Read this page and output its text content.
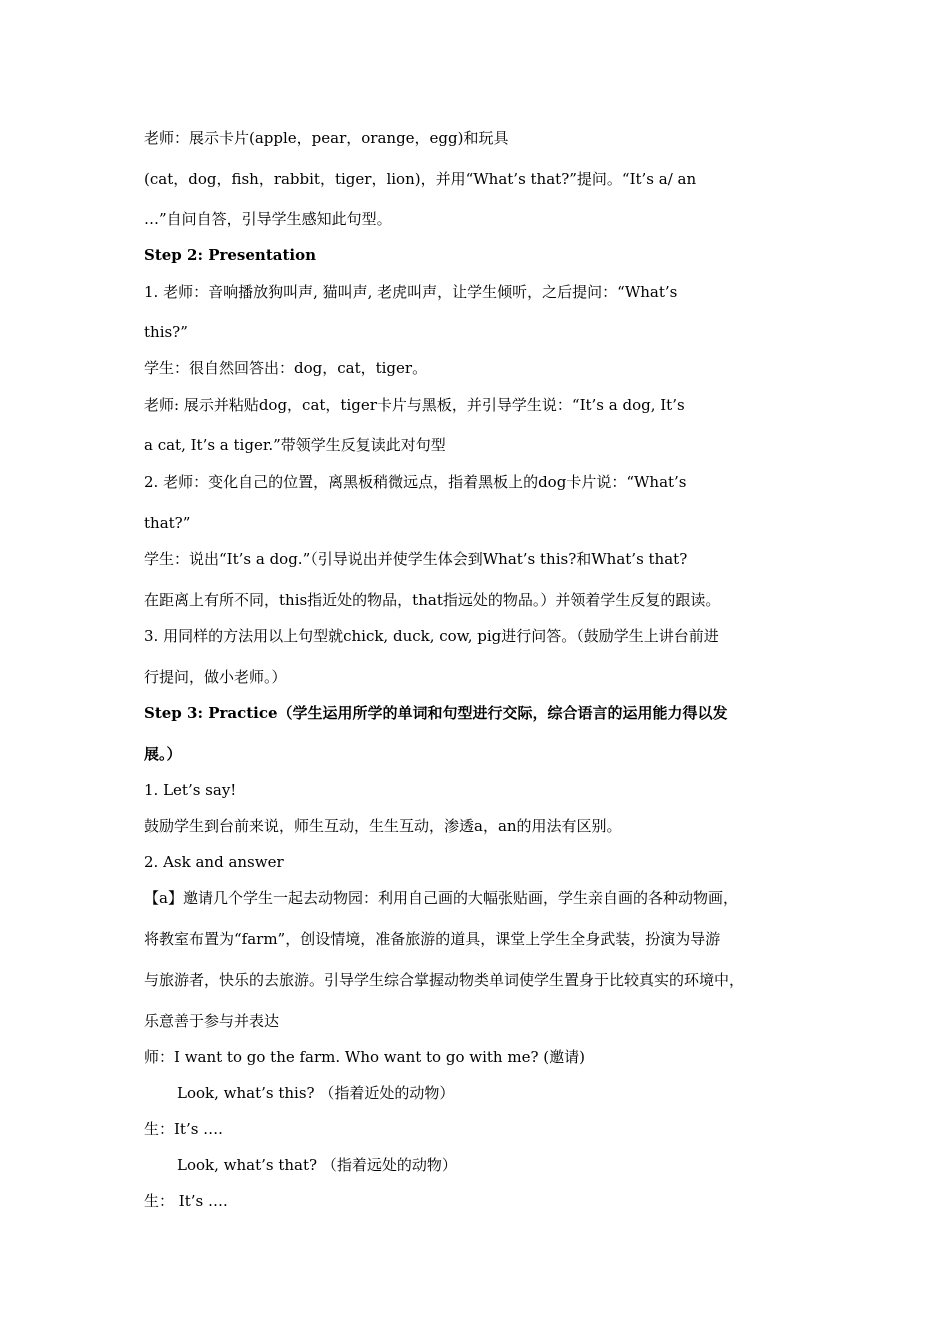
老师：展示卡片(apple，pear，orange，egg)和玩具
(cat，dog，fish，rabbit，tiger，lion)，并用“What’s that?”提问。“It’s a/ an
…”自问自答，引导学生感知此句型。
Step 2: Presentation
1. 老师：音响播放狗叫声, 猫叫声, 老虎叫声，让学生倾听，之后提问：“What’s
this?”
学生：很自然回答出：dog，cat，tiger。
老师: 展示并粘贴dog，cat，tiger卡片与黑板，并引导学生说：“It’s a dog, It’s
a cat, It’s a tiger.”带领学生反复读此对句型
2. 老师：变化自己的位置，离黑板稍微远点，指着黑板上的dog卡片说：“What’s
that?”
学生：说出“It’s a dog.”（引导说出并使学生体会到What’s this?和What’s that?
在距离上有所不同，this指近处的物品，that指远处的物品。）并领着学生反复的跟读。
3. 用同样的方法用以上句型就chick, duck, cow, pig进行问答。（鼓励学生上讲台前进
行提问，做小老师。）
Step 3: Practice（学生运用所学的单词和句型进行交际，综合语言的运用能力得以发
展。）
1. Let’s say!
鼓励学生到台前来说，师生互动，生生互动，渗透a，an的用法有区别。
2. Ask and answer
【a】邀请几个学生一起去动物园：利用自己画的大幅张贴画，学生亲自画的各种动物画，
将教室布置为“farm”，创设情境，准备旅游的道具，课堂上学生全身武装，扮演为导游
与旅游者，快乐的去旅游。引导学生综合掌握动物类单词使学生置身于比较真实的环境中，
乐意善于参与并表达
师：I want to go the farm. Who want to go with me? (邀请)
Look, what’s this? （指着近处的动物）
生：It’s ….
Look, what’s that? （指着远处的动物）
生： It’s ….
